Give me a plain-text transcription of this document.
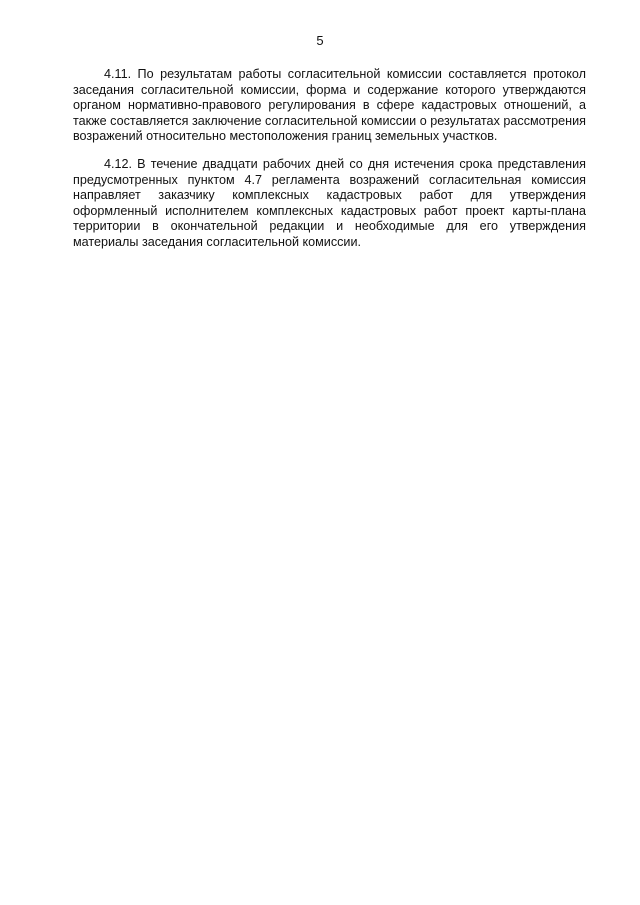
5

4.11. По результатам работы согласительной комиссии составляется протокол заседания согласительной комиссии, форма и содержание которого утверждаются органом нормативно-правового регулирования в сфере кадастровых отношений, а также составляется заключение согласительной комиссии о результатах рассмотрения возражений относительно местоположения границ земельных участков.

4.12. В течение двадцати рабочих дней со дня истечения срока представления предусмотренных пунктом 4.7 регламента возражений согласительная комиссия направляет заказчику комплексных кадастровых работ для утверждения оформленный исполнителем комплексных кадастровых работ проект карты-плана территории в окончательной редакции и необходимые для его утверждения материалы заседания согласительной комиссии.
